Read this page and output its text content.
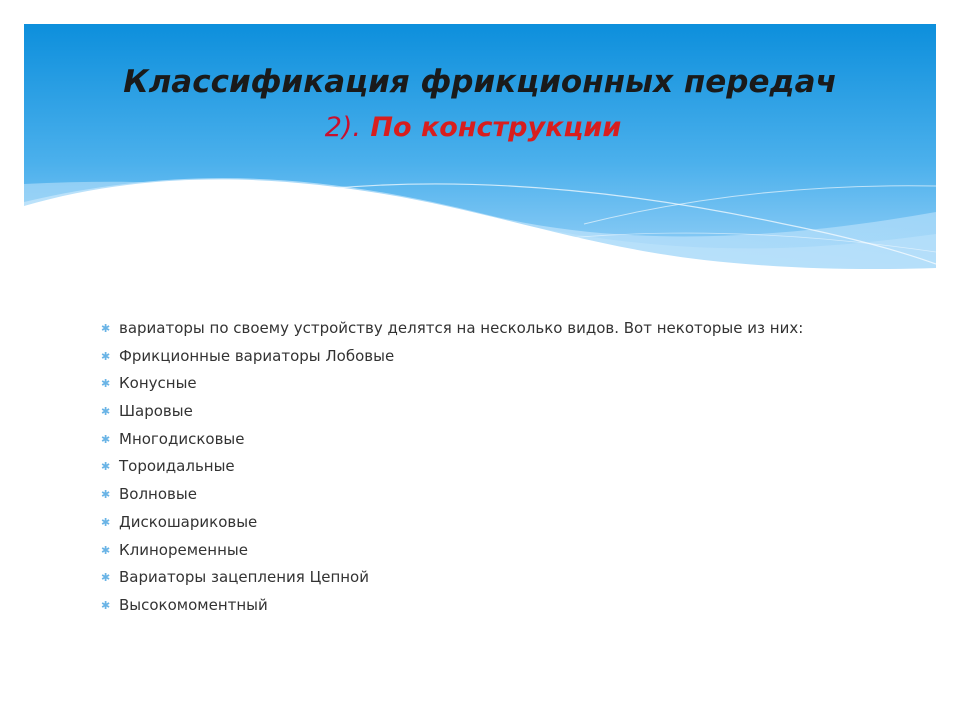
Классификация фрикционных передач
2). По конструкции
✱ вариаторы по своему устройству делятся на несколько видов. Вот некоторые из них:
✱ Фрикционные вариаторы Лобовые
✱ Конусные
✱ Шаровые
✱ Многодисковые
✱ Тороидальные
✱ Волновые
✱ Дискошариковые
✱ Клиноременные
✱ Вариаторы зацепления Цепной
✱ Высокомоментный
